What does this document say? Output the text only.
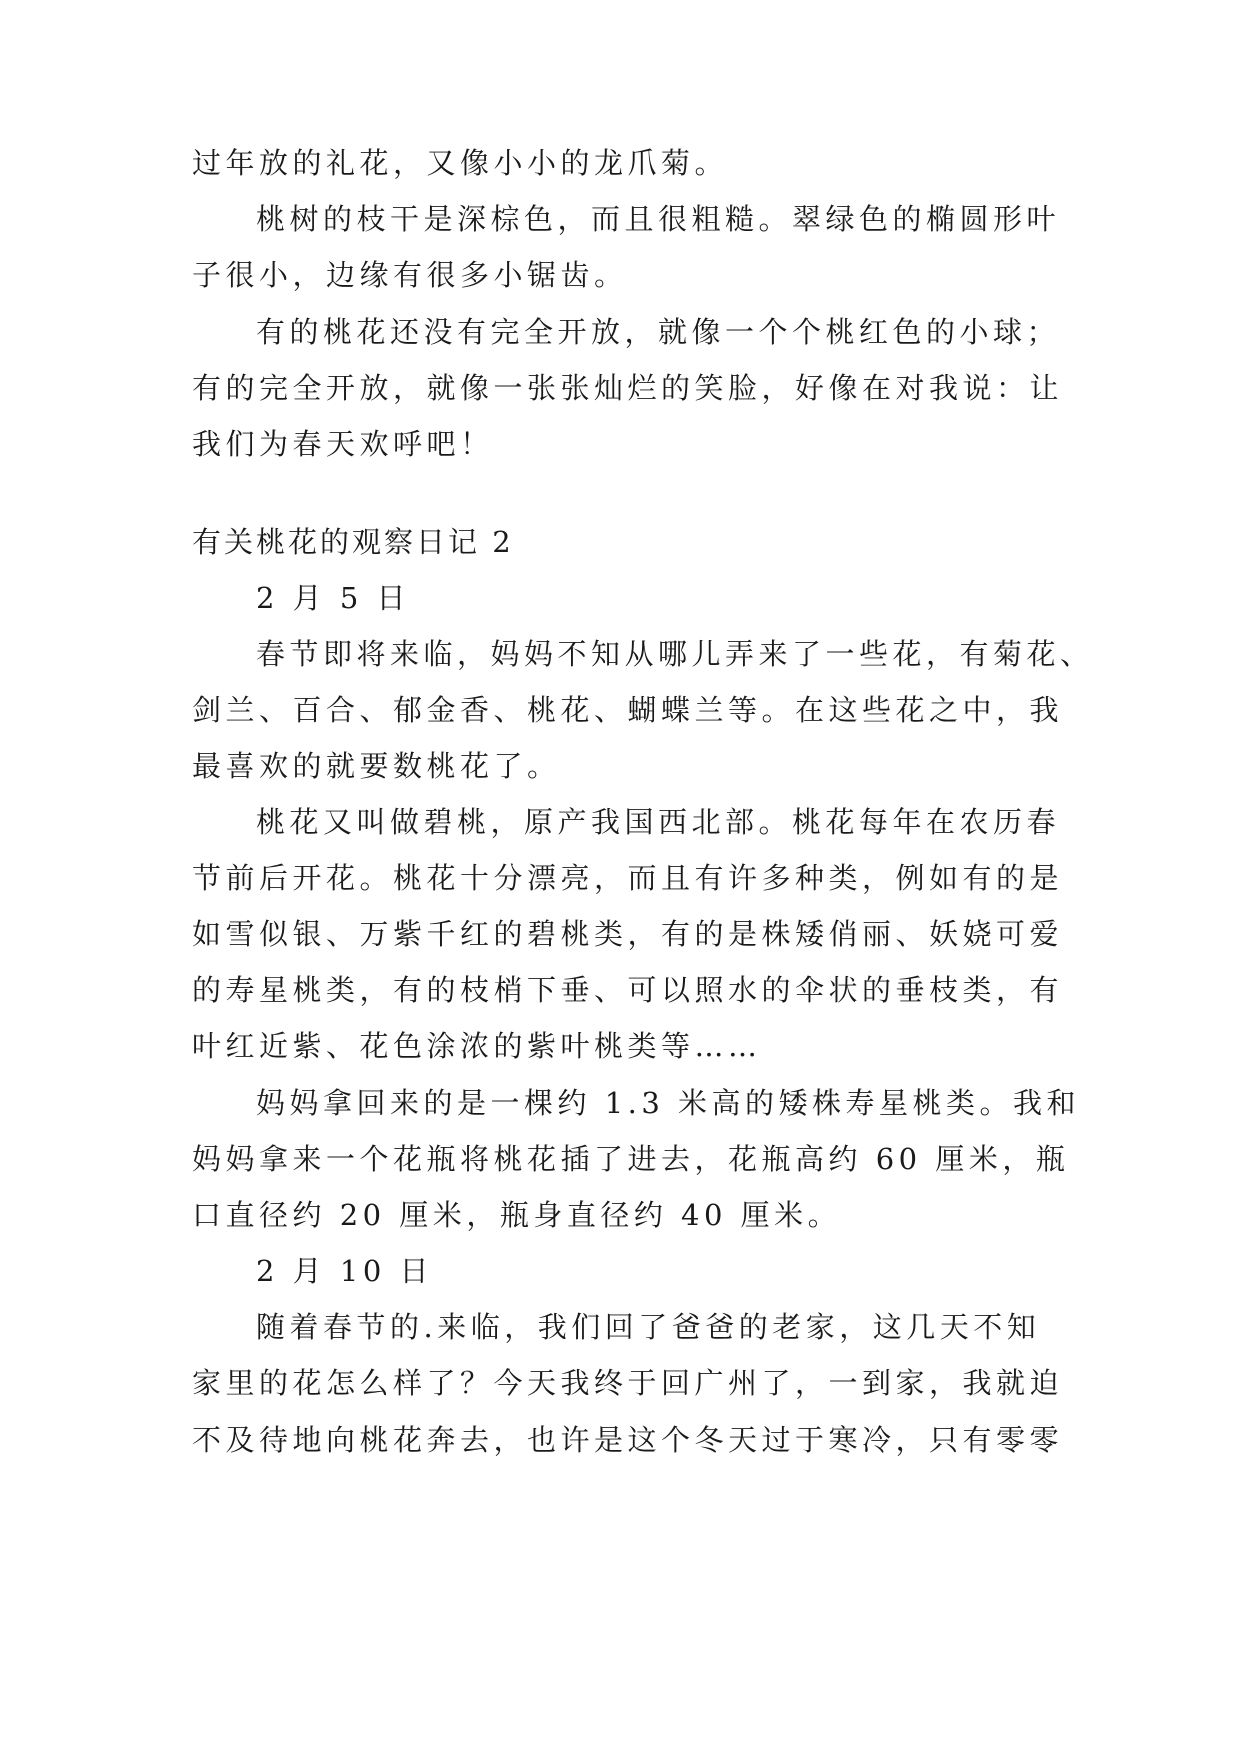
过年放的礼花，又像小小的龙爪菊。

桃树的枝干是深棕色，而且很粗糙。翠绿色的椭圆形叶

子很小，边缘有很多小锯齿。

有的桃花还没有完全开放，就像一个个桃红色的小球；

有的完全开放，就像一张张灿烂的笑脸，好像在对我说：让

我们为春天欢呼吧！

有关桃花的观察日记 2

2 月 5 日

春节即将来临，妈妈不知从哪儿弄来了一些花，有菊花、

剑兰、百合、郁金香、桃花、蝴蝶兰等。在这些花之中，我

最喜欢的就要数桃花了。

桃花又叫做碧桃，原产我国西北部。桃花每年在农历春

节前后开花。桃花十分漂亮，而且有许多种类，例如有的是

如雪似银、万紫千红的碧桃类，有的是株矮俏丽、妖娆可爱

的寿星桃类，有的枝梢下垂、可以照水的伞状的垂枝类，有

叶红近紫、花色涂浓的紫叶桃类等……

妈妈拿回来的是一棵约 1.3 米高的矮株寿星桃类。我和

妈妈拿来一个花瓶将桃花插了进去，花瓶高约 60 厘米，瓶

口直径约 20 厘米，瓶身直径约 40 厘米。

2 月 10 日

随着春节的.来临，我们回了爸爸的老家，这几天不知

家里的花怎么样了？今天我终于回广州了，一到家，我就迫

不及待地向桃花奔去，也许是这个冬天过于寒冷，只有零零
